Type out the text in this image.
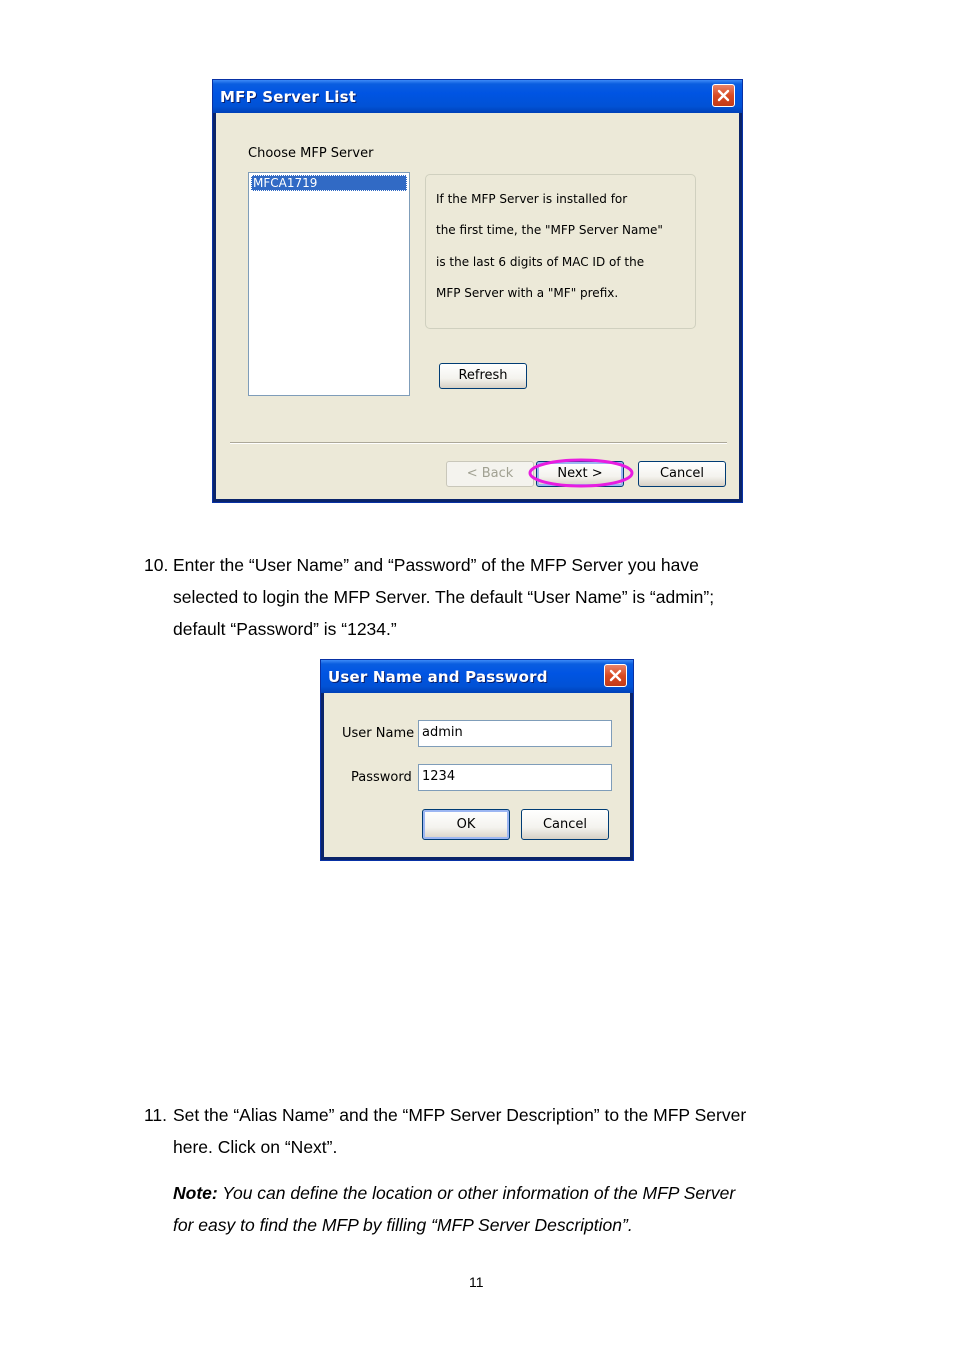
MFP Server List
Choose MFP Server
MFCA1719
If the MFP Server is installed for
the first time, the "MFP Server Name"
is the last 6 digits of MAC ID of the
MFP Server with a "MF" prefix.
Refresh
< Back	Next >	Cancel
10. Enter the “User Name” and “Password” of the MFP Server you have
selected to login the MFP Server. The default “User Name” is “admin”;
default “Password” is “1234.”
User Name and Password
User Name admin
Password 1234
OK	Cancel
11. Set the “Alias Name” and the “MFP Server Description” to the MFP Server
here. Click on “Next”.
Note: You can define the location or other information of the MFP Server
for easy to find the MFP by filling “MFP Server Description”.
11
